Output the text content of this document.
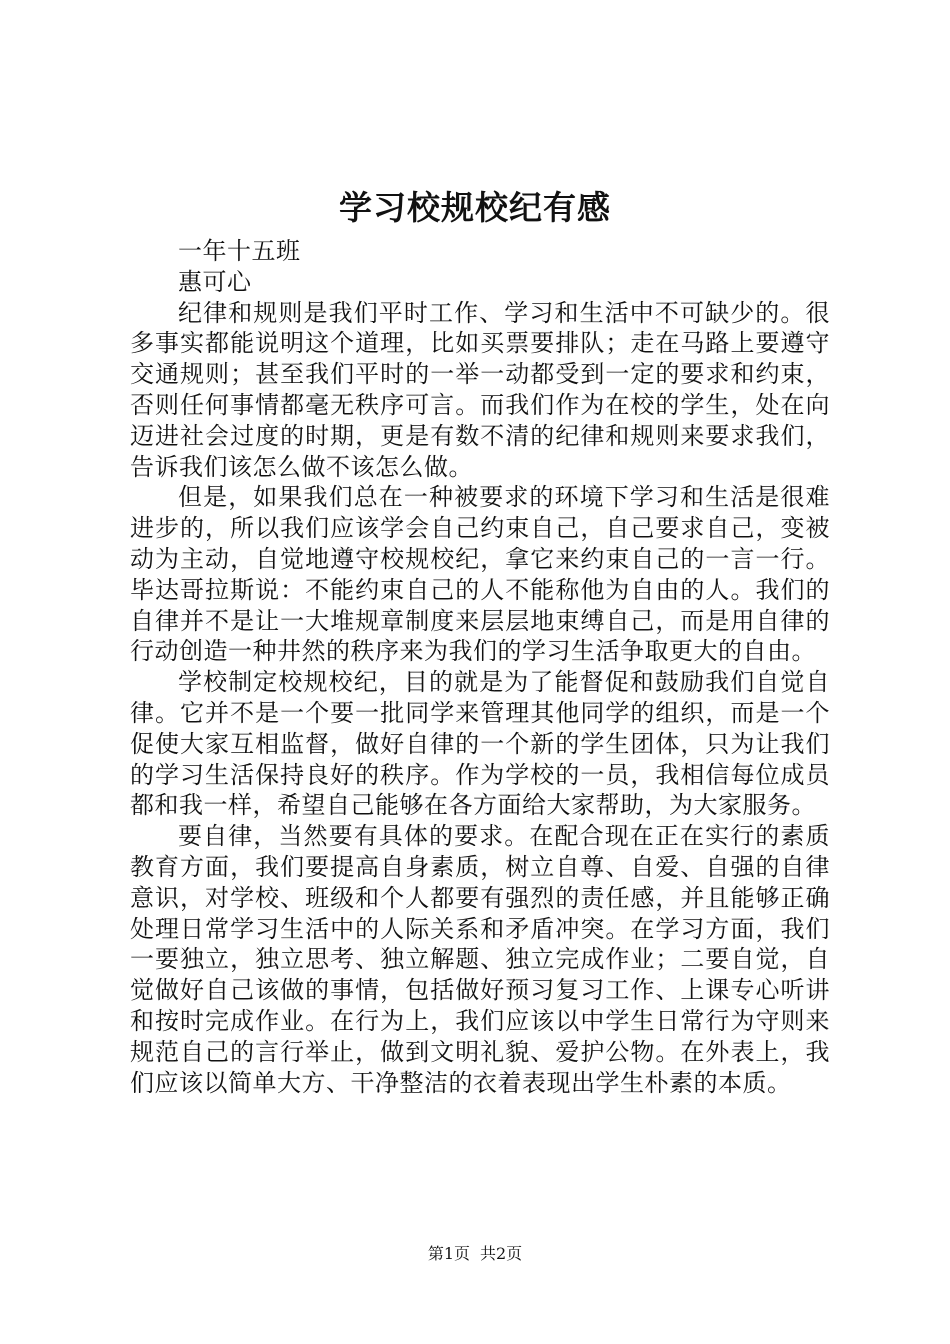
学习校规校纪有感

一年十五班

惠可心

纪律和规则是我们平时工作、学习和生活中不可缺少的。很多事实都能说明这个道理，比如买票要排队；走在马路上要遵守交通规则；甚至我们平时的一举一动都受到一定的要求和约束，否则任何事情都毫无秩序可言。而我们作为在校的学生，处在向迈进社会过度的时期，更是有数不清的纪律和规则来要求我们，告诉我们该怎么做不该怎么做。

但是，如果我们总在一种被要求的环境下学习和生活是很难进步的，所以我们应该学会自己约束自己，自己要求自己，变被动为主动，自觉地遵守校规校纪，拿它来约束自己的一言一行。毕达哥拉斯说：不能约束自己的人不能称他为自由的人。我们的自律并不是让一大堆规章制度来层层地束缚自己，而是用自律的行动创造一种井然的秩序来为我们的学习生活争取更大的自由。

学校制定校规校纪，目的就是为了能督促和鼓励我们自觉自律。它并不是一个要一批同学来管理其他同学的组织，而是一个促使大家互相监督，做好自律的一个新的学生团体，只为让我们的学习生活保持良好的秩序。作为学校的一员，我相信每位成员都和我一样，希望自己能够在各方面给大家帮助，为大家服务。

要自律，当然要有具体的要求。在配合现在正在实行的素质教育方面，我们要提高自身素质，树立自尊、自爱、自强的自律意识，对学校、班级和个人都要有强烈的责任感，并且能够正确处理日常学习生活中的人际关系和矛盾冲突。在学习方面，我们一要独立，独立思考、独立解题、独立完成作业；二要自觉，自觉做好自己该做的事情，包括做好预习复习工作、上课专心听讲和按时完成作业。在行为上，我们应该以中学生日常行为守则来规范自己的言行举止，做到文明礼貌、爱护公物。在外表上，我们应该以简单大方、干净整洁的衣着表现出学生朴素的本质。

第1页 共2页
